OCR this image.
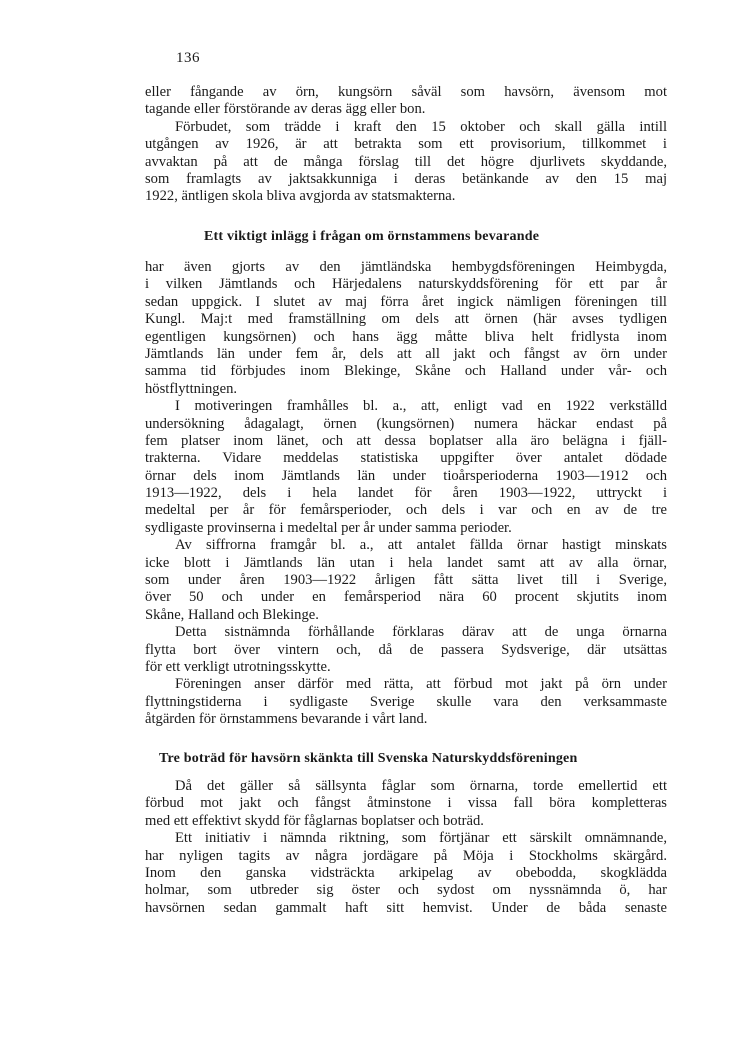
136
eller fångande av örn, kungsörn såväl som havsörn, ävensom mot
tagande eller förstörande av deras ägg eller bon.
Förbudet, som trädde i kraft den 15 oktober och skall gälla intill
utgången av 1926, är att betrakta som ett provisorium, tillkommet i
avvaktan på att de många förslag till det högre djurlivets skyddande,
som framlagts av jaktsakkunniga i deras betänkande av den 15 maj
1922, äntligen skola bliva avgjorda av statsmakterna.
Ett viktigt inlägg i frågan om örnstammens bevarande
har även gjorts av den jämtländska hembygdsföreningen Heimbygda,
i vilken Jämtlands och Härjedalens naturskyddsförening för ett par år
sedan uppgick. I slutet av maj förra året ingick nämligen föreningen till
Kungl. Maj:t med framställning om dels att örnen (här avses tydligen
egentligen kungsörnen) och hans ägg måtte bliva helt fridlysta inom
Jämtlands län under fem år, dels att all jakt och fångst av örn under
samma tid förbjudes inom Blekinge, Skåne och Halland under vår- och
höstflyttningen.
I motiveringen framhålles bl. a., att, enligt vad en 1922 verkställd
undersökning ådagalagt, örnen (kungsörnen) numera häckar endast på
fem platser inom länet, och att dessa boplatser alla äro belägna i fjäll-
trakterna. Vidare meddelas statistiska uppgifter över antalet dödade
örnar dels inom Jämtlands län under tioårsperioderna 1903—1912 och
1913—1922, dels i hela landet för åren 1903—1922, uttryckt i
medeltal per år för femårsperioder, och dels i var och en av de tre
sydligaste provinserna i medeltal per år under samma perioder.
Av siffrorna framgår bl. a., att antalet fällda örnar hastigt minskats
icke blott i Jämtlands län utan i hela landet samt att av alla örnar,
som under åren 1903—1922 årligen fått sätta livet till i Sverige,
över 50 och under en femårsperiod nära 60 procent skjutits inom
Skåne, Halland och Blekinge.
Detta sistnämnda förhållande förklaras därav att de unga örnarna
flytta bort över vintern och, då de passera Sydsverige, där utsättas
för ett verkligt utrotningsskytte.
Föreningen anser därför med rätta, att förbud mot jakt på örn under
flyttningstiderna i sydligaste Sverige skulle vara den verksammaste
åtgärden för örnstammens bevarande i vårt land.
Tre boträd för havsörn skänkta till Svenska Naturskyddsföreningen
Då det gäller så sällsynta fåglar som örnarna, torde emellertid ett
förbud mot jakt och fångst åtminstone i vissa fall böra kompletteras
med ett effektivt skydd för fåglarnas boplatser och boträd.
Ett initiativ i nämnda riktning, som förtjänar ett särskilt omnämnande,
har nyligen tagits av några jordägare på Möja i Stockholms skärgård.
Inom den ganska vidsträckta arkipelag av obebodda, skogklädda
holmar, som utbreder sig öster och sydost om nyssnämnda ö, har
havsörnen sedan gammalt haft sitt hemvist. Under de båda senaste
